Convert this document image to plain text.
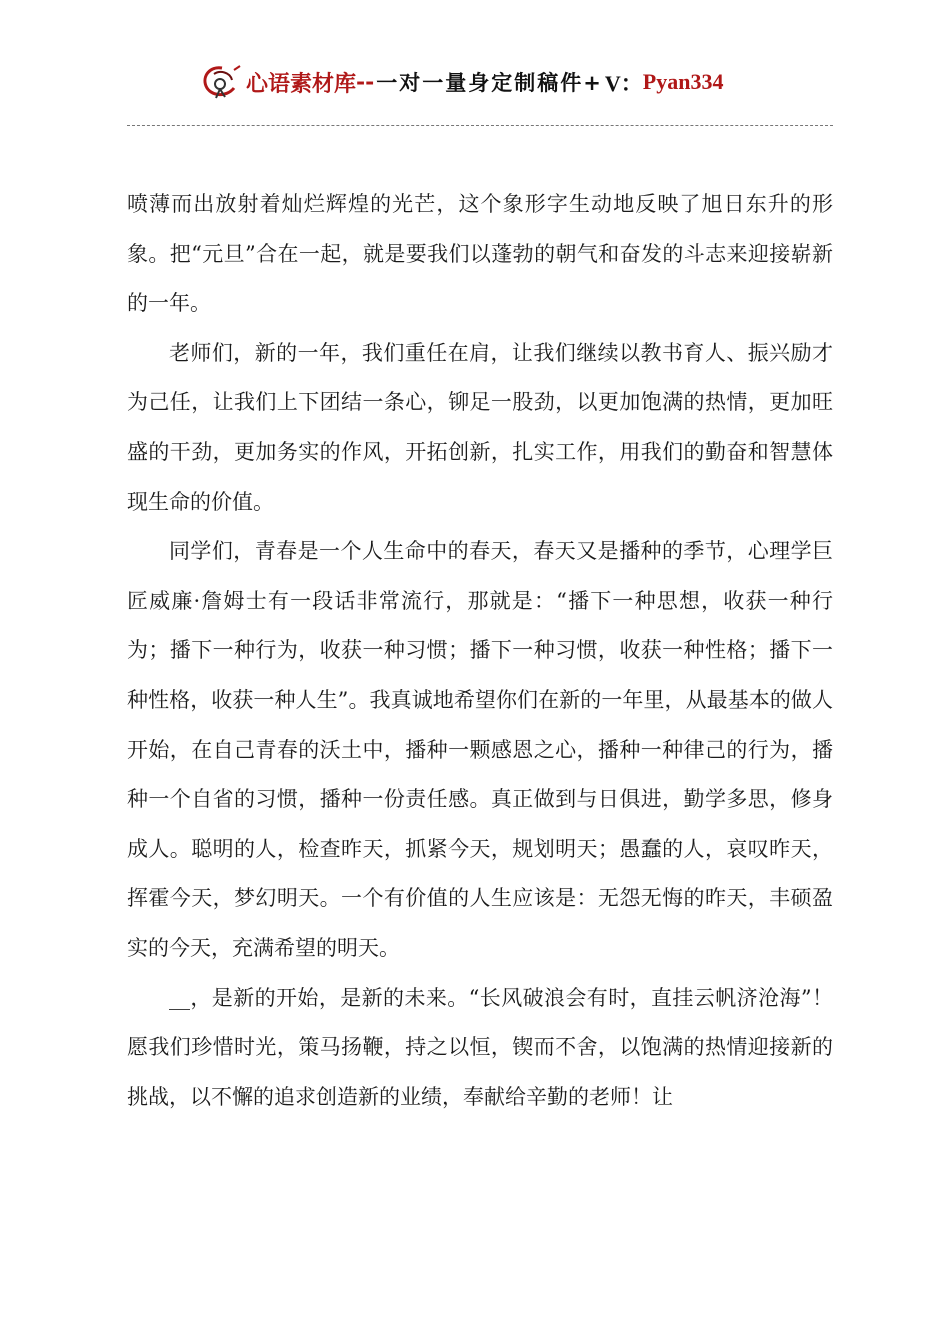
心语素材库 -- 一对一量身定制稿件+ V： Pyan334

喷薄而出放射着灿烂辉煌的光芒，这个象形字生动地反映了旭日东升的形象。把“元旦”合在一起，就是要我们以蓬勃的朝气和奋发的斗志来迎接崭新的一年。

老师们，新的一年，我们重任在肩，让我们继续以教书育人、振兴励才为己任，让我们上下团结一条心，铆足一股劲，以更加饱满的热情，更加旺盛的干劲，更加务实的作风，开拓创新，扎实工作，用我们的勤奋和智慧体现生命的价值。

同学们，青春是一个人生命中的春天，春天又是播种的季节，心理学巨匠威廉·詹姆士有一段话非常流行，那就是：“播下一种思想，收获一种行为；播下一种行为，收获一种习惯；播下一种习惯，收获一种性格；播下一种性格，收获一种人生”。我真诚地希望你们在新的一年里，从最基本的做人开始，在自己青春的沃土中，播种一颗感恩之心，播种一种律己的行为，播种一个自省的习惯，播种一份责任感。真正做到与日俱进，勤学多思，修身成人。聪明的人，检查昨天，抓紧今天，规划明天；愚蠢的人，哀叹昨天，挥霍今天，梦幻明天。一个有价值的人生应该是：无怨无悔的昨天，丰硕盈实的今天，充满希望的明天。

__，是新的开始，是新的未来。“长风破浪会有时，直挂云帆济沧海”！愿我们珍惜时光，策马扬鞭，持之以恒，锲而不舍，以饱满的热情迎接新的挑战，以不懈的追求创造新的业绩，奉献给辛勤的老师！让
